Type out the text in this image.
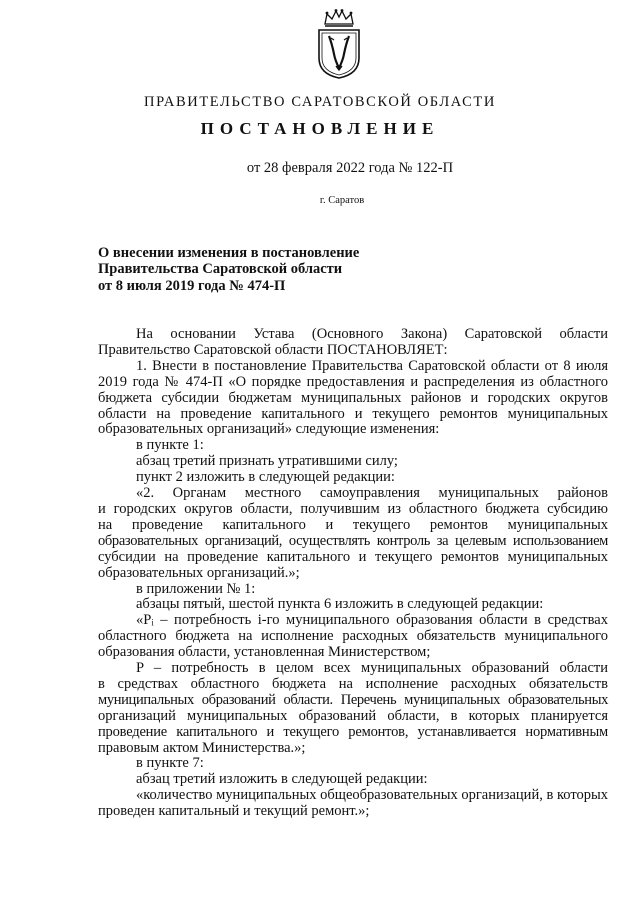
ПРАВИТЕЛЬСТВО САРАТОВСКОЙ ОБЛАСТИ
ПОСТАНОВЛЕНИЕ
от 28 февраля 2022 года № 122-П
г. Саратов
О внесении изменения в постановление
Правительства Саратовской области
от 8 июля 2019 года № 474-П

На основании Устава (Основного Закона) Саратовской области

Правительство Саратовской области ПОСТАНОВЛЯЕТ:

1. Внести в постановление Правительства Саратовской области от 8 июля

2019 года № 474-П «О порядке предоставления и распределения из областного

бюджета субсидии бюджетам муниципальных районов и городских округов

области на проведение капитального и текущего ремонтов муниципальных

образовательных организаций» следующие изменения:

в пункте 1:

абзац третий признать утратившими силу;

пункт 2 изложить в следующей редакции:

«2. Органам местного самоуправления муниципальных районов

и городских округов области, получившим из областного бюджета субсидию

на проведение капитального и текущего ремонтов муниципальных

образовательных организаций, осуществлять контроль за целевым использованием

субсидии на проведение капитального и текущего ремонтов муниципальных

образовательных организаций.»;

в приложении № 1:

абзацы пятый, шестой пункта 6 изложить в следующей редакции:

«Pᵢ – потребность i-го муниципального образования области в средствах

областного бюджета на исполнение расходных обязательств муниципального

образования области, установленная Министерством;

P – потребность в целом всех муниципальных образований области

в средствах областного бюджета на исполнение расходных обязательств

муниципальных образований области. Перечень муниципальных образовательных

организаций муниципальных образований области, в которых планируется

проведение капитального и текущего ремонтов, устанавливается нормативным

правовым актом Министерства.»;

в пункте 7:

абзац третий изложить в следующей редакции:

«количество муниципальных общеобразовательных организаций, в которых

проведен капитальный и текущий ремонт.»;
